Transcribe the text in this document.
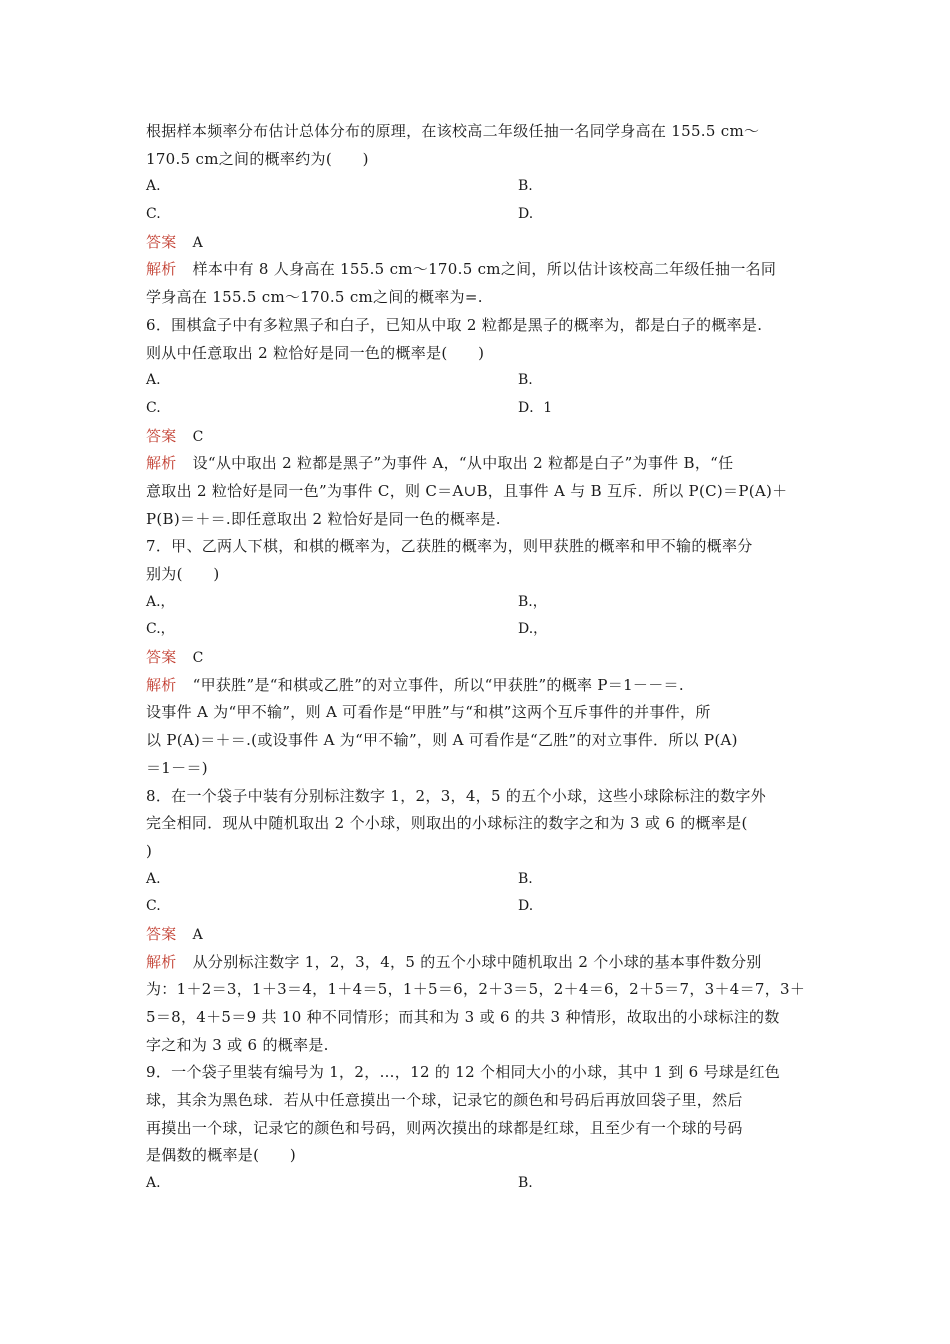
根据样本频率分布估计总体分布的原理，在该校高二年级任抽一名同学身高在 155.5 cm～
170.5 cm之间的概率约为(　　)
A.	B.
C.	D.
答案 A
解析 样本中有 8 人身高在 155.5 cm～170.5 cm之间，所以估计该校高二年级任抽一名同
学身高在 155.5 cm～170.5 cm之间的概率为=.
6．围棋盒子中有多粒黑子和白子，已知从中取 2 粒都是黑子的概率为，都是白子的概率是.
则从中任意取出 2 粒恰好是同一色的概率是(　　)
A.	B.
C.	D．1
答案 C
解析 设“从中取出 2 粒都是黑子”为事件 A，“从中取出 2 粒都是白子”为事件 B，“任
意取出 2 粒恰好是同一色”为事件 C，则 C＝A∪B，且事件 A 与 B 互斥．所以 P(C)＝P(A)＋
P(B)＝＋＝.即任意取出 2 粒恰好是同一色的概率是.
7．甲、乙两人下棋，和棋的概率为，乙获胜的概率为，则甲获胜的概率和甲不输的概率分
别为(　　)
A.，	B.，
C.，	D.，
答案 C
解析 “甲获胜”是“和棋或乙胜”的对立事件，所以“甲获胜”的概率 P＝1－－＝.
设事件 A 为“甲不输”，则 A 可看作是“甲胜”与“和棋”这两个互斥事件的并事件，所
以 P(A)＝＋＝.(或设事件 A 为“甲不输”，则 A 可看作是“乙胜”的对立事件．所以 P(A)
＝1－＝)
8．在一个袋子中装有分别标注数字 1，2，3，4，5 的五个小球，这些小球除标注的数字外
完全相同．现从中随机取出 2 个小球，则取出的小球标注的数字之和为 3 或 6 的概率是(
)
A.	B.
C.	D.
答案 A
解析 从分别标注数字 1，2，3，4，5 的五个小球中随机取出 2 个小球的基本事件数分别
为：1＋2＝3，1＋3＝4，1＋4＝5，1＋5＝6，2＋3＝5，2＋4＝6，2＋5＝7，3＋4＝7，3＋
5＝8，4＋5＝9 共 10 种不同情形；而其和为 3 或 6 的共 3 种情形，故取出的小球标注的数
字之和为 3 或 6 的概率是.
9．一个袋子里装有编号为 1，2，…，12 的 12 个相同大小的小球，其中 1 到 6 号球是红色
球，其余为黑色球．若从中任意摸出一个球，记录它的颜色和号码后再放回袋子里，然后
再摸出一个球，记录它的颜色和号码，则两次摸出的球都是红球，且至少有一个球的号码
是偶数的概率是(　　)
A.	B.
